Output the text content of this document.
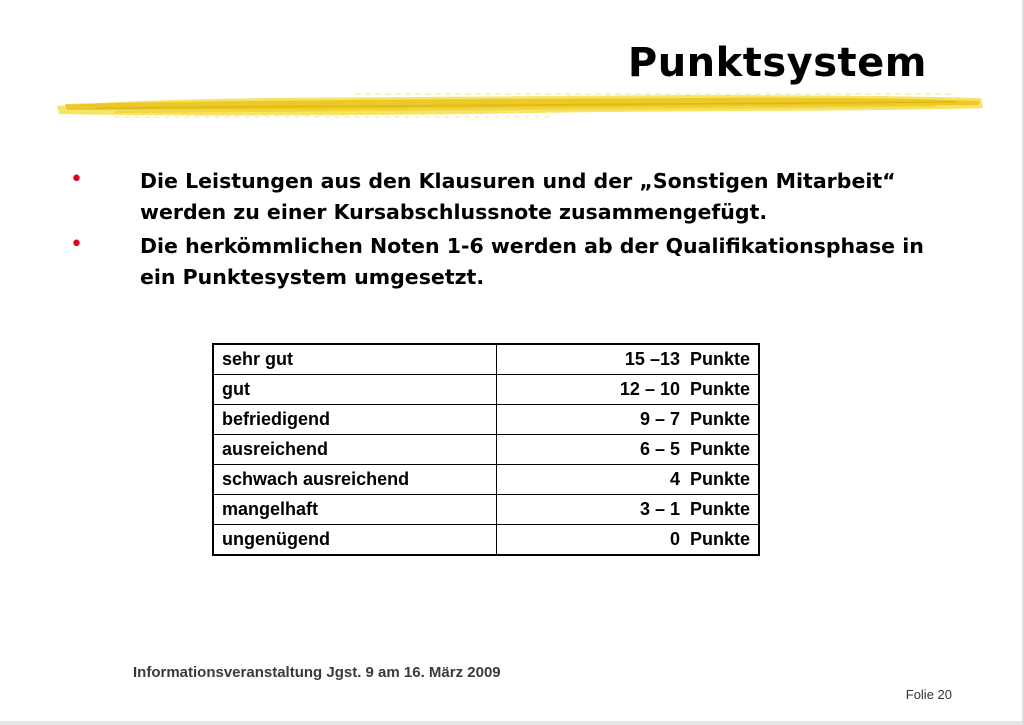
Punktsystem
•	Die Leistungen aus den Klausuren und der „Sonstigen Mitarbeit“ werden zu einer Kursabschlussnote zusammengefügt.
•	Die herkömmlichen Noten 1-6 werden ab der Qualifikationsphase in ein Punktesystem umgesetzt.
sehr gut	15 –13  Punkte
gut	12 – 10  Punkte
befriedigend	9 – 7  Punkte
ausreichend	6 – 5  Punkte
schwach ausreichend	4  Punkte
mangelhaft	3 – 1  Punkte
ungenügend	0  Punkte
Informationsveranstaltung Jgst. 9 am 16. März 2009
Folie 20
